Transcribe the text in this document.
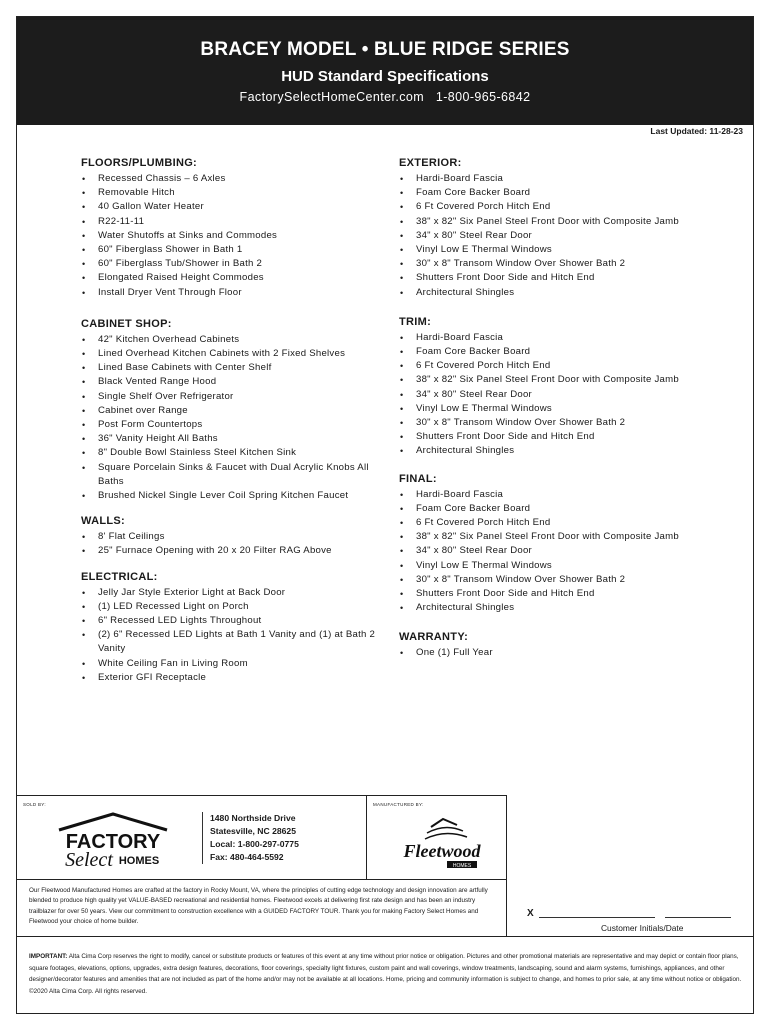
BRACEY MODEL • BLUE RIDGE SERIES
HUD Standard Specifications
FactorySelectHomeCenter.com 1-800-965-6842
Last Updated: 11-28-23
FLOORS/PLUMBING:
• Recessed Chassis – 6 Axles
• Removable Hitch
• 40 Gallon Water Heater
• R22-11-11
• Water Shutoffs at Sinks and Commodes
• 60" Fiberglass Shower in Bath 1
• 60" Fiberglass Tub/Shower in Bath 2
• Elongated Raised Height Commodes
• Install Dryer Vent Through Floor
CABINET SHOP:
• 42" Kitchen Overhead Cabinets
• Lined Overhead Kitchen Cabinets with 2 Fixed Shelves
• Lined Base Cabinets with Center Shelf
• Black Vented Range Hood
• Single Shelf Over Refrigerator
• Cabinet over Range
• Post Form Countertops
• 36" Vanity Height All Baths
• 8" Double Bowl Stainless Steel Kitchen Sink
• Square Porcelain Sinks & Faucet with Dual Acrylic Knobs All Baths
• Brushed Nickel Single Lever Coil Spring Kitchen Faucet
WALLS:
• 8' Flat Ceilings
• 25" Furnace Opening with 20 x 20 Filter RAG Above
ELECTRICAL:
• Jelly Jar Style Exterior Light at Back Door
• (1) LED Recessed Light on Porch
• 6" Recessed LED Lights Throughout
• (2) 6" Recessed LED Lights at Bath 1 Vanity and (1) at Bath 2 Vanity
• White Ceiling Fan in Living Room
• Exterior GFI Receptacle
EXTERIOR:
• Hardi-Board Fascia
• Foam Core Backer Board
• 6 Ft Covered Porch Hitch End
• 38" x 82" Six Panel Steel Front Door with Composite Jamb
• 34" x 80" Steel Rear Door
• Vinyl Low E Thermal Windows
• 30" x 8" Transom Window Over Shower Bath 2
• Shutters Front Door Side and Hitch End
• Architectural Shingles
TRIM:
• Hardi-Board Fascia
• Foam Core Backer Board
• 6 Ft Covered Porch Hitch End
• 38" x 82" Six Panel Steel Front Door with Composite Jamb
• 34" x 80" Steel Rear Door
• Vinyl Low E Thermal Windows
• 30" x 8" Transom Window Over Shower Bath 2
• Shutters Front Door Side and Hitch End
• Architectural Shingles
FINAL:
• Hardi-Board Fascia
• Foam Core Backer Board
• 6 Ft Covered Porch Hitch End
• 38" x 82" Six Panel Steel Front Door with Composite Jamb
• 34" x 80" Steel Rear Door
• Vinyl Low E Thermal Windows
• 30" x 8" Transom Window Over Shower Bath 2
• Shutters Front Door Side and Hitch End
• Architectural Shingles
WARRANTY:
• One (1) Full Year
SOLD BY:
FACTORY
Select HOMES
1480 Northside Drive
Statesville, NC 28625
Local: 1-800-297-0775
Fax: 480-464-5592
MANUFACTURED BY:
Fleetwood
HOMES
Our Fleetwood Manufactured Homes are crafted at the factory in Rocky Mount, VA, where the principles of cutting edge technology and design innovation are artfully blended to produce high quality yet VALUE-BASED recreational and residential homes. Fleetwood excels at delivering first rate design and has been an industry trailblazer for over 50 years. View our commitment to construction excellence with a GUIDED FACTORY TOUR. Thank you for making Factory Select Homes and Fleetwood your choice of home builder.
X
Customer Initials/Date
IMPORTANT: Alta Cima Corp reserves the right to modify, cancel or substitute products or features of this event at any time without prior notice or obligation. Pictures and other promotional materials are representative and may depict or contain floor plans, square footages, elevations, options, upgrades, extra design features, decorations, floor coverings, specialty light fixtures, custom paint and wall coverings, window treatments, landscaping, sound and alarm systems, furnishings, appliances, and other designer/decorator features and amenities that are not included as part of the home and/or may not be available at all locations. Home, pricing and community information is subject to change, and homes to prior sale, at any time without notice or obligation. ©2020 Alta Cima Corp. All rights reserved.
